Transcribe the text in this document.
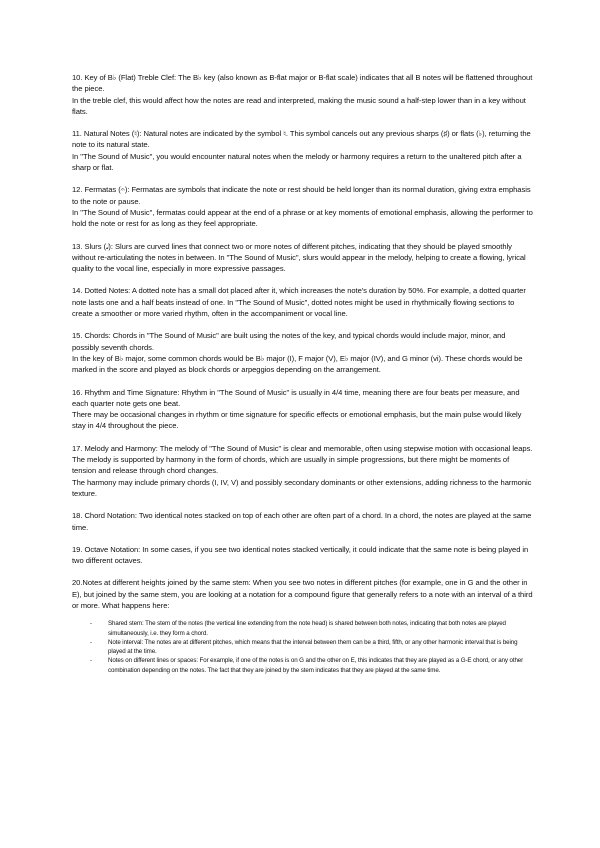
10. Key of B♭ (Flat) Treble Clef: The B♭ key (also known as B-flat major or B-flat scale) indicates that all B notes will be flattened throughout the piece.

In the treble clef, this would affect how the notes are read and interpreted, making the music sound a half-step lower than in a key without flats.

11. Natural Notes (♮): Natural notes are indicated by the symbol ♮. This symbol cancels out any previous sharps (♯) or flats (♭), returning the note to its natural state.

In "The Sound of Music", you would encounter natural notes when the melody or harmony requires a return to the unaltered pitch after a sharp or flat.

12. Fermatas (𝄐): Fermatas are symbols that indicate the note or rest should be held longer than its normal duration, giving extra emphasis to the note or pause.

In "The Sound of Music", fermatas could appear at the end of a phrase or at key moments of emotional emphasis, allowing the performer to hold the note or rest for as long as they feel appropriate.

13. Slurs (𝅘𝅥): Slurs are curved lines that connect two or more notes of different pitches, indicating that they should be played smoothly without re-articulating the notes in between. In "The Sound of Music", slurs would appear in the melody, helping to create a flowing, lyrical quality to the vocal line, especially in more expressive passages.

14. Dotted Notes: A dotted note has a small dot placed after it, which increases the note's duration by 50%. For example, a dotted quarter note lasts one and a half beats instead of one. In "The Sound of Music", dotted notes might be used in rhythmically flowing sections to create a smoother or more varied rhythm, often in the accompaniment or vocal line.

15. Chords: Chords in "The Sound of Music" are built using the notes of the key, and typical chords would include major, minor, and possibly seventh chords.

In the key of B♭ major, some common chords would be B♭ major (I), F major (V), E♭ major (IV), and G minor (vi). These chords would be marked in the score and played as block chords or arpeggios depending on the arrangement.

16. Rhythm and Time Signature: Rhythm in "The Sound of Music" is usually in 4/4 time, meaning there are four beats per measure, and each quarter note gets one beat.

There may be occasional changes in rhythm or time signature for specific effects or emotional emphasis, but the main pulse would likely stay in 4/4 throughout the piece.

17. Melody and Harmony: The melody of "The Sound of Music" is clear and memorable, often using stepwise motion with occasional leaps. The melody is supported by harmony in the form of chords, which are usually in simple progressions, but there might be moments of tension and release through chord changes.

The harmony may include primary chords (I, IV, V) and possibly secondary dominants or other extensions, adding richness to the harmonic texture.

18. Chord Notation: Two identical notes stacked on top of each other are often part of a chord. In a chord, the notes are played at the same time.

19. Octave Notation: In some cases, if you see two identical notes stacked vertically, it could indicate that the same note is being played in two different octaves.

20.Notes at different heights joined by the same stem: When you see two notes in different pitches (for example, one in G and the other in E), but joined by the same stem, you are looking at a notation for a compound figure that generally refers to a note with an interval of a third or more. What happens here:

-	Shared stem: The stem of the notes (the vertical line extending from the note head) is shared between both notes, indicating that both notes are played simultaneously, i.e. they form a chord.
-	Note interval: The notes are at different pitches, which means that the interval between them can be a third, fifth, or any other harmonic interval that is being played at the time.
-	Notes on different lines or spaces: For example, if one of the notes is on G and the other on E, this indicates that they are played as a G-E chord, or any other combination depending on the notes. The fact that they are joined by the stem indicates that they are played at the same time.
